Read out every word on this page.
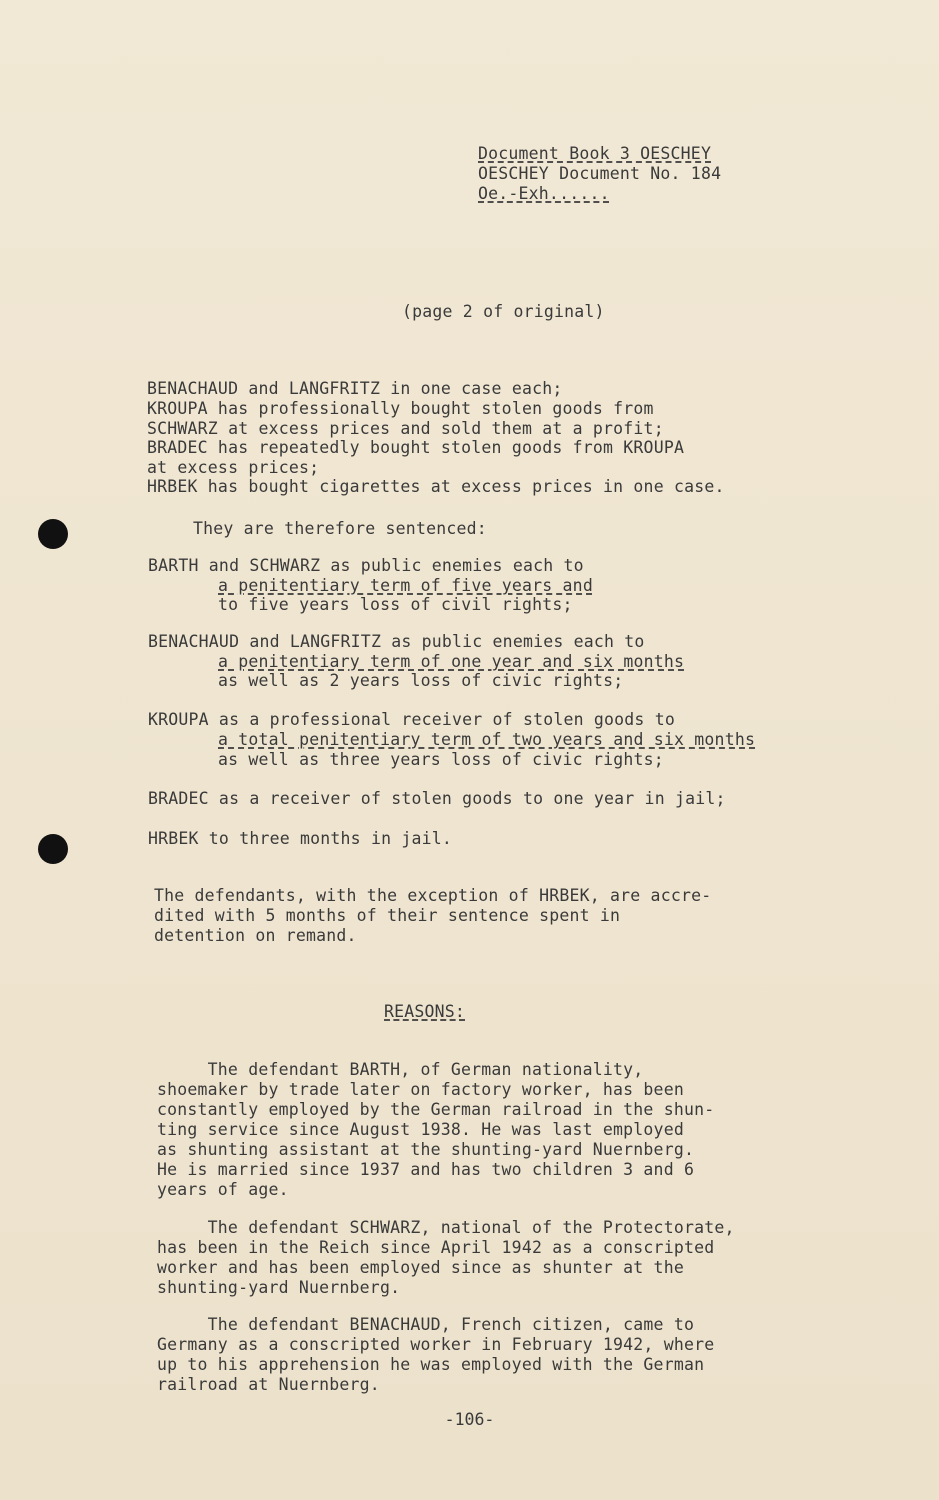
Document Book 3 OESCHEY
OESCHEY Document No. 184
Oe.-Exh......
(page 2 of original)
BENACHAUD and LANGFRITZ in one case each;
KROUPA has professionally bought stolen goods from
SCHWARZ at excess prices and sold them at a profit;
BRADEC has repeatedly bought stolen goods from KROUPA
at excess prices;
HRBEK has bought cigarettes at excess prices in one case.
They are therefore sentenced:
BARTH and SCHWARZ as public enemies each to
a penitentiary term of five years and
to five years loss of civil rights;
BENACHAUD and LANGFRITZ as public enemies each to
a penitentiary term of one year and six months
as well as 2 years loss of civic rights;
KROUPA as a professional receiver of stolen goods to
a total penitentiary term of two years and six months
as well as three years loss of civic rights;
BRADEC as a receiver of stolen goods to one year in jail;
HRBEK to three months in jail.
The defendants, with the exception of HRBEK, are accre-
dited with 5 months of their sentence spent in
detention on remand.
REASONS:
The defendant BARTH, of German nationality,
shoemaker by trade later on factory worker, has been
constantly employed by the German railroad in the shun-
ting service since August 1938. He was last employed
as shunting assistant at the shunting-yard Nuernberg.
He is married since 1937 and has two children 3 and 6
years of age.
The defendant SCHWARZ, national of the Protectorate,
has been in the Reich since April 1942 as a conscripted
worker and has been employed since as shunter at the
shunting-yard Nuernberg.
The defendant BENACHAUD, French citizen, came to
Germany as a conscripted worker in February 1942, where
up to his apprehension he was employed with the German
railroad at Nuernberg.
-106-
